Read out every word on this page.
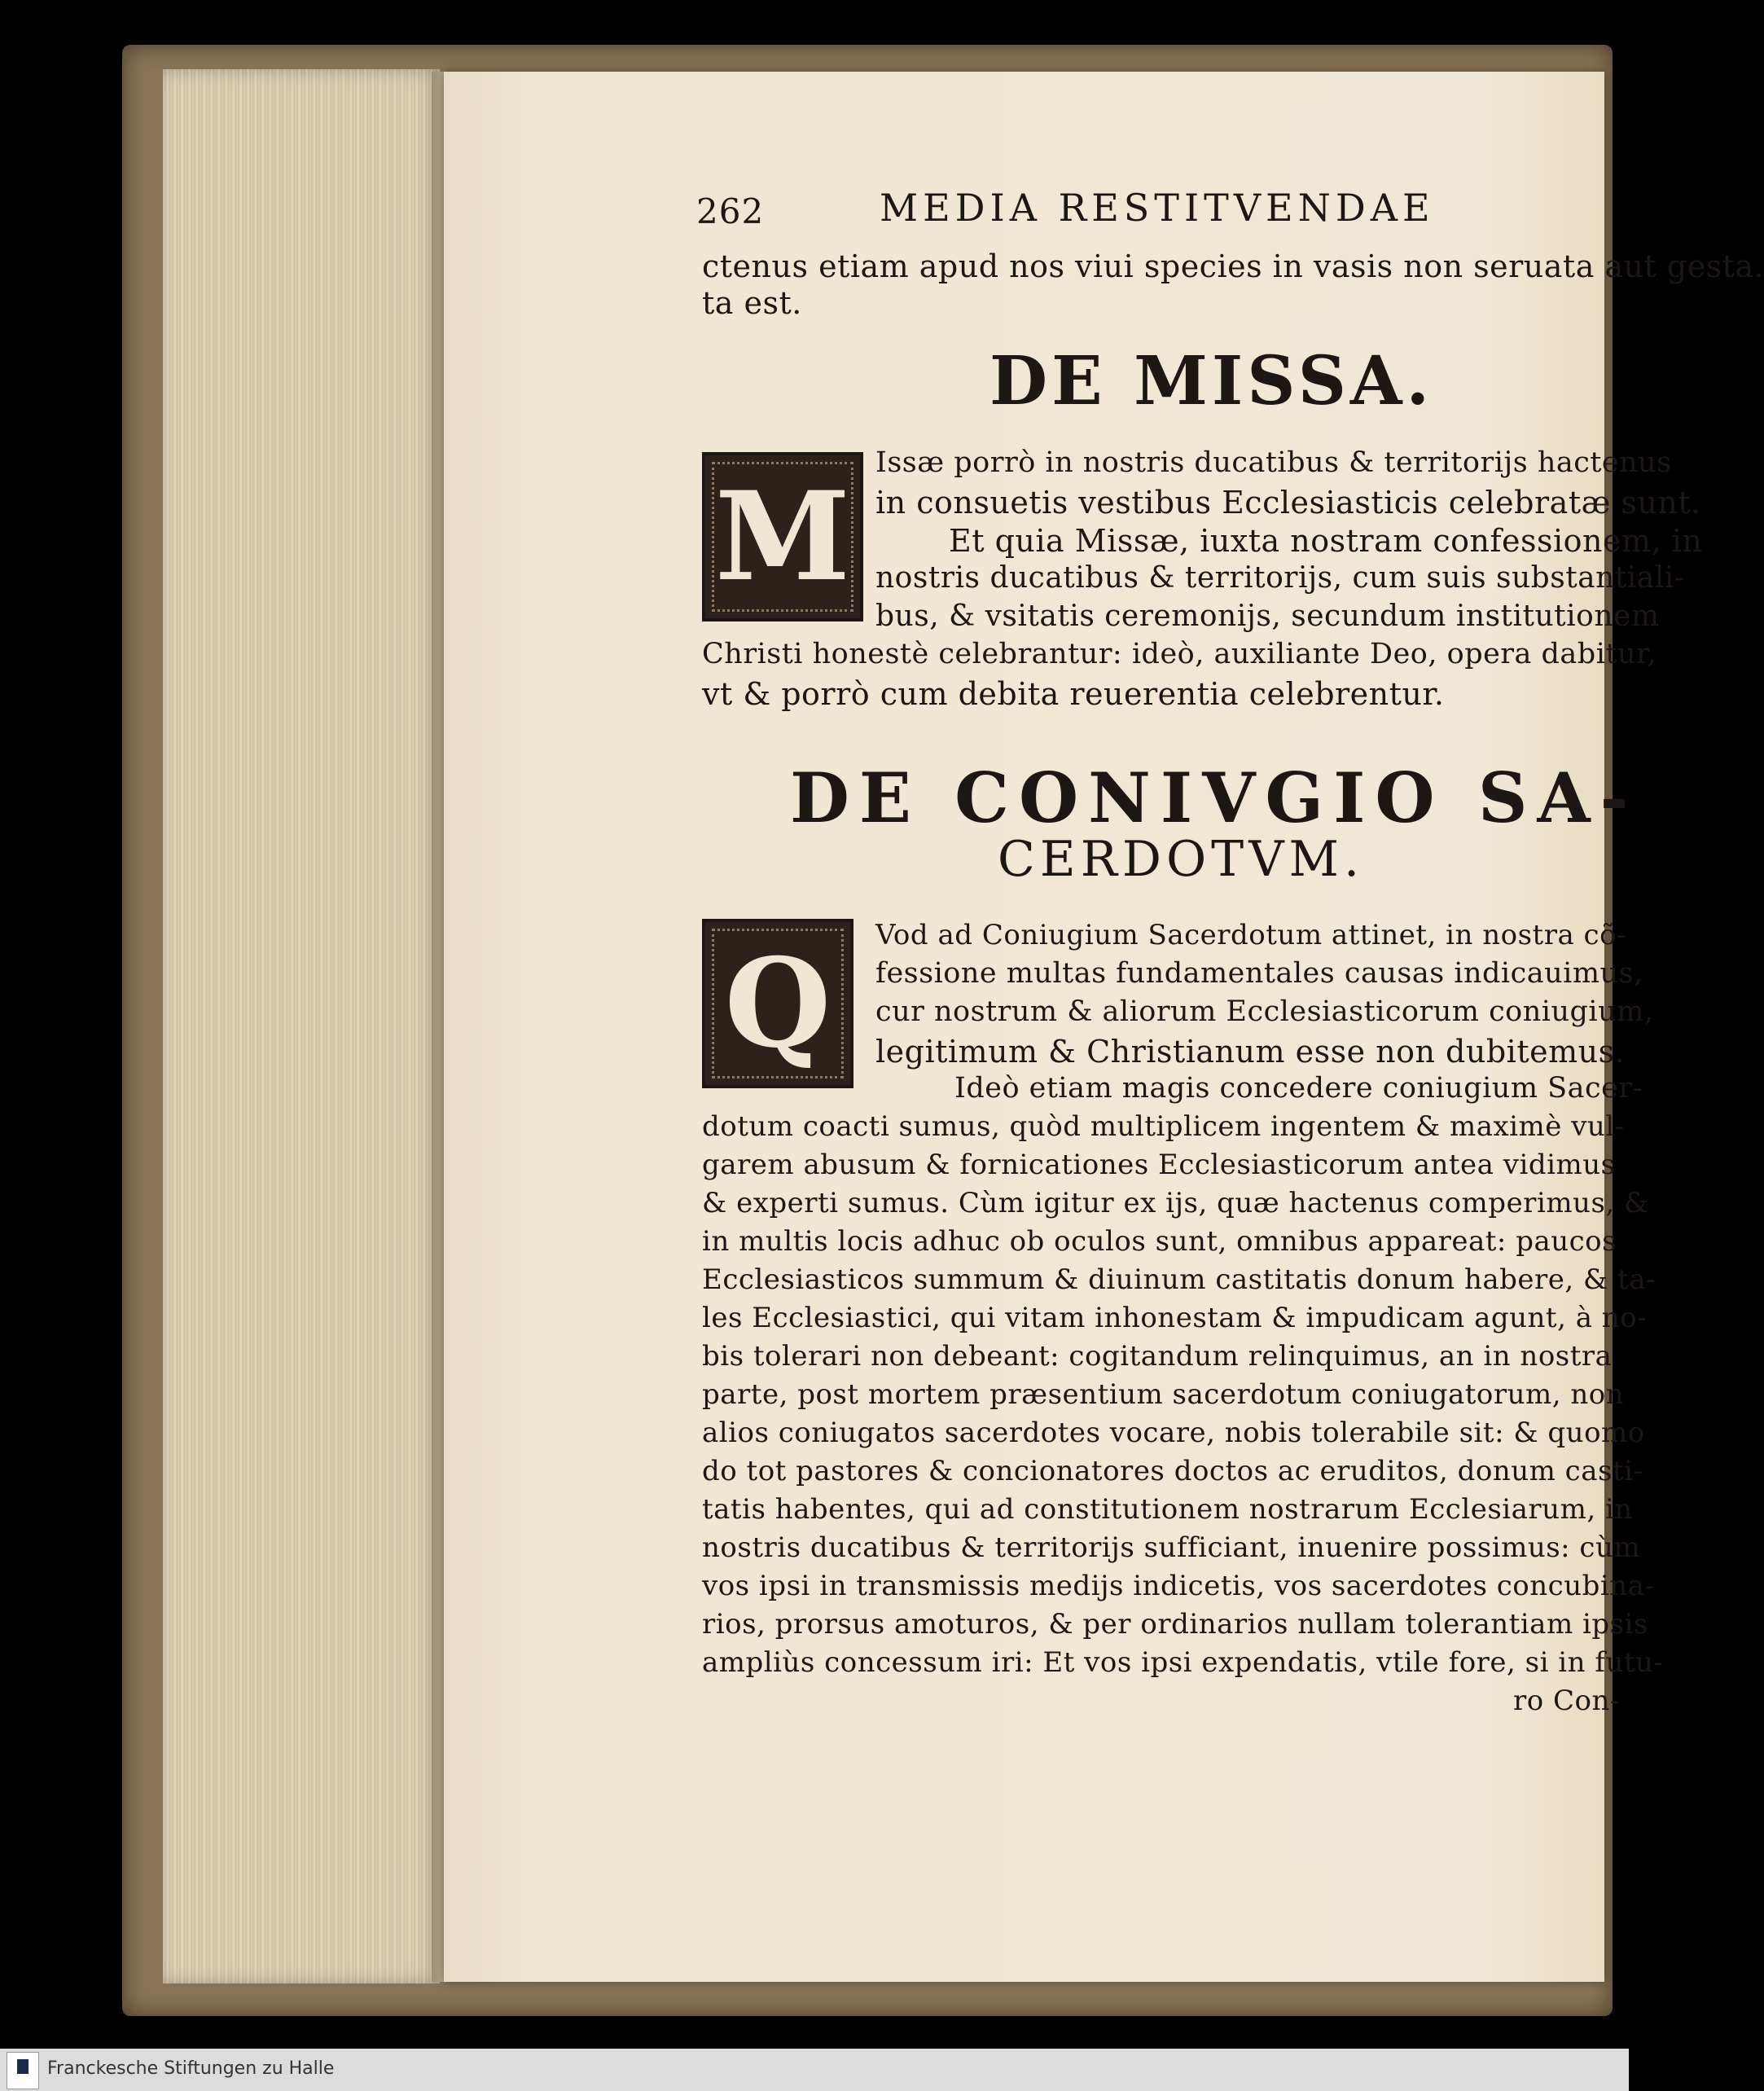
262	MEDIA RESTITVENDAE
ctenus etiam apud nos viui species in vasis non seruata aut gesta.
ta est.
DE MISSA.
M
Issæ porrò in nostris ducatibus & territorijs hactenus
in consuetis vestibus Ecclesiasticis celebratæ sunt.
Et quia Missæ, iuxta nostram confessionem, in
nostris ducatibus & territorijs, cum suis substantiali-
bus, & vsitatis ceremonijs, secundum institutionem
Christi honestè celebrantur: ideò, auxiliante Deo, opera dabitur,
vt & porrò cum debita reuerentia celebrentur.
DE CONIVGIO SA-
CERDOTVM.
Q Vod ad Coniugium Sacerdotum attinet, in nostra cõ-
fessione multas fundamentales causas indicauimus,
cur nostrum & aliorum Ecclesiasticorum coniugium,
legitimum & Christianum esse non dubitemus.
Ideò etiam magis concedere coniugium Sacer-
dotum coacti sumus, quòd multiplicem ingentem & maximè vul-
garem abusum & fornicationes Ecclesiasticorum antea vidimus
& experti sumus. Cùm igitur ex ijs, quæ hactenus comperimus, &
in multis locis adhuc ob oculos sunt, omnibus appareat: paucos
Ecclesiasticos summum & diuinum castitatis donum habere, & ta-
les Ecclesiastici, qui vitam inhonestam & impudicam agunt, à no-
bis tolerari non debeant: cogitandum relinquimus, an in nostra
parte, post mortem præsentium sacerdotum coniugatorum, non
alios coniugatos sacerdotes vocare, nobis tolerabile sit: & quomo
do tot pastores & concionatores doctos ac eruditos, donum casti-
tatis habentes, qui ad constitutionem nostrarum Ecclesiarum, in
nostris ducatibus & territorijs sufficiant, inuenire possimus: cùm
vos ipsi in transmissis medijs indicetis, vos sacerdotes concubina-
rios, prorsus amoturos, & per ordinarios nullam tolerantiam ipsis
ampliùs concessum iri: Et vos ipsi expendatis, vtile fore, si in futu-
ro Con-
Franckesche Stiftungen zu Halle
